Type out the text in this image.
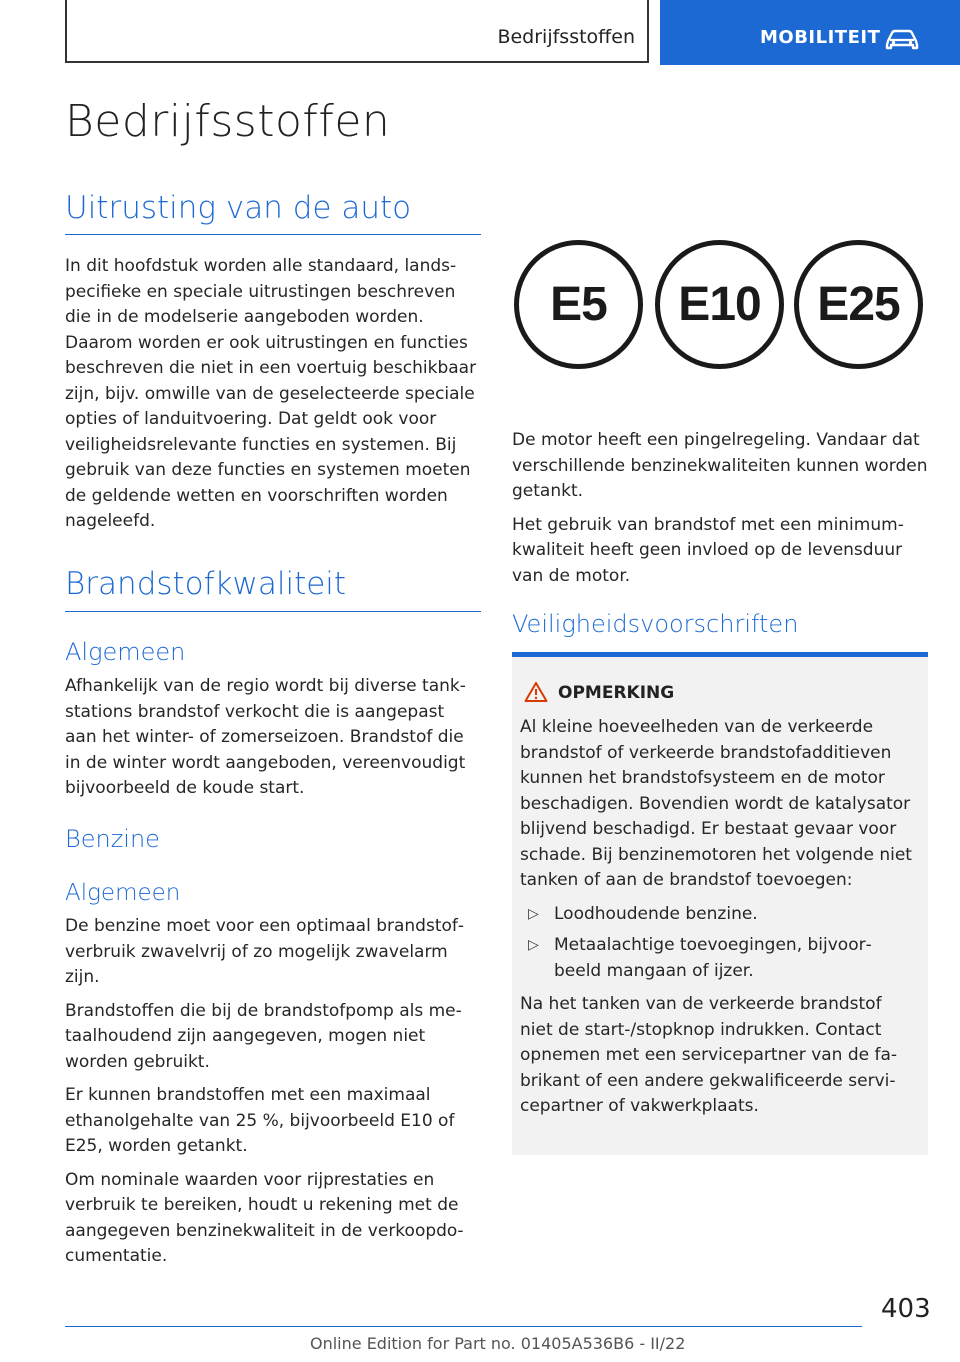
Bedrijfsstoffen	MOBILITEIT
Bedrijfsstoffen
Uitrusting van de auto

In dit hoofdstuk worden alle standaard, landspecifieke en speciale uitrustingen beschreven die in de modelserie aangeboden worden. Daarom worden er ook uitrustingen en functies beschreven die niet in een voertuig beschikbaar zijn, bijv. omwille van de geselecteerde speciale opties of landuitvoering. Dat geldt ook voor veiligheidsrelevante functies en systemen. Bij gebruik van deze functies en systemen moeten de geldende wetten en voorschriften worden nageleefd.

Brandstofkwaliteit
Algemeen

Afhankelijk van de regio wordt bij diverse tankstations brandstof verkocht die is aangepast aan het winter- of zomerseizoen. Brandstof die in de winter wordt aangeboden, vereenvoudigt bijvoorbeeld de koude start.

Benzine
Algemeen

De benzine moet voor een optimaal brandstofverbruik zwavelvrij of zo mogelijk zwavelarm zijn.

Brandstoffen die bij de brandstofpomp als metaalhoudend zijn aangegeven, mogen niet worden gebruikt.

Er kunnen brandstoffen met een maximaal ethanolgehalte van 25 %, bijvoorbeeld E10 of E25, worden getankt.

Om nominale waarden voor rijprestaties en verbruik te bereiken, houdt u rekening met de aangegeven benzinekwaliteit in de verkoopdocumentatie.

E5	E10	E25

De motor heeft een pingelregeling. Vandaar dat verschillende benzinekwaliteiten kunnen worden getankt.

Het gebruik van brandstof met een minimumkwaliteit heeft geen invloed op de levensduur van de motor.

Veiligheidsvoorschriften
OPMERKING

Al kleine hoeveelheden van de verkeerde brandstof of verkeerde brandstofadditieven kunnen het brandstofsysteem en de motor beschadigen. Bovendien wordt de katalysator blijvend beschadigd. Er bestaat gevaar voor schade. Bij benzinemotoren het volgende niet tanken of aan de brandstof toevoegen:

▷ Loodhoudende benzine.
▷ Metaalachtige toevoegingen, bijvoorbeeld mangaan of ijzer.

Na het tanken van de verkeerde brandstof niet de start-/stopknop indrukken. Contact opnemen met een servicepartner van de fabrikant of een andere gekwalificeerde servicepartner of vakwerkplaats.

403
Online Edition for Part no. 01405A536B6 - II/22
